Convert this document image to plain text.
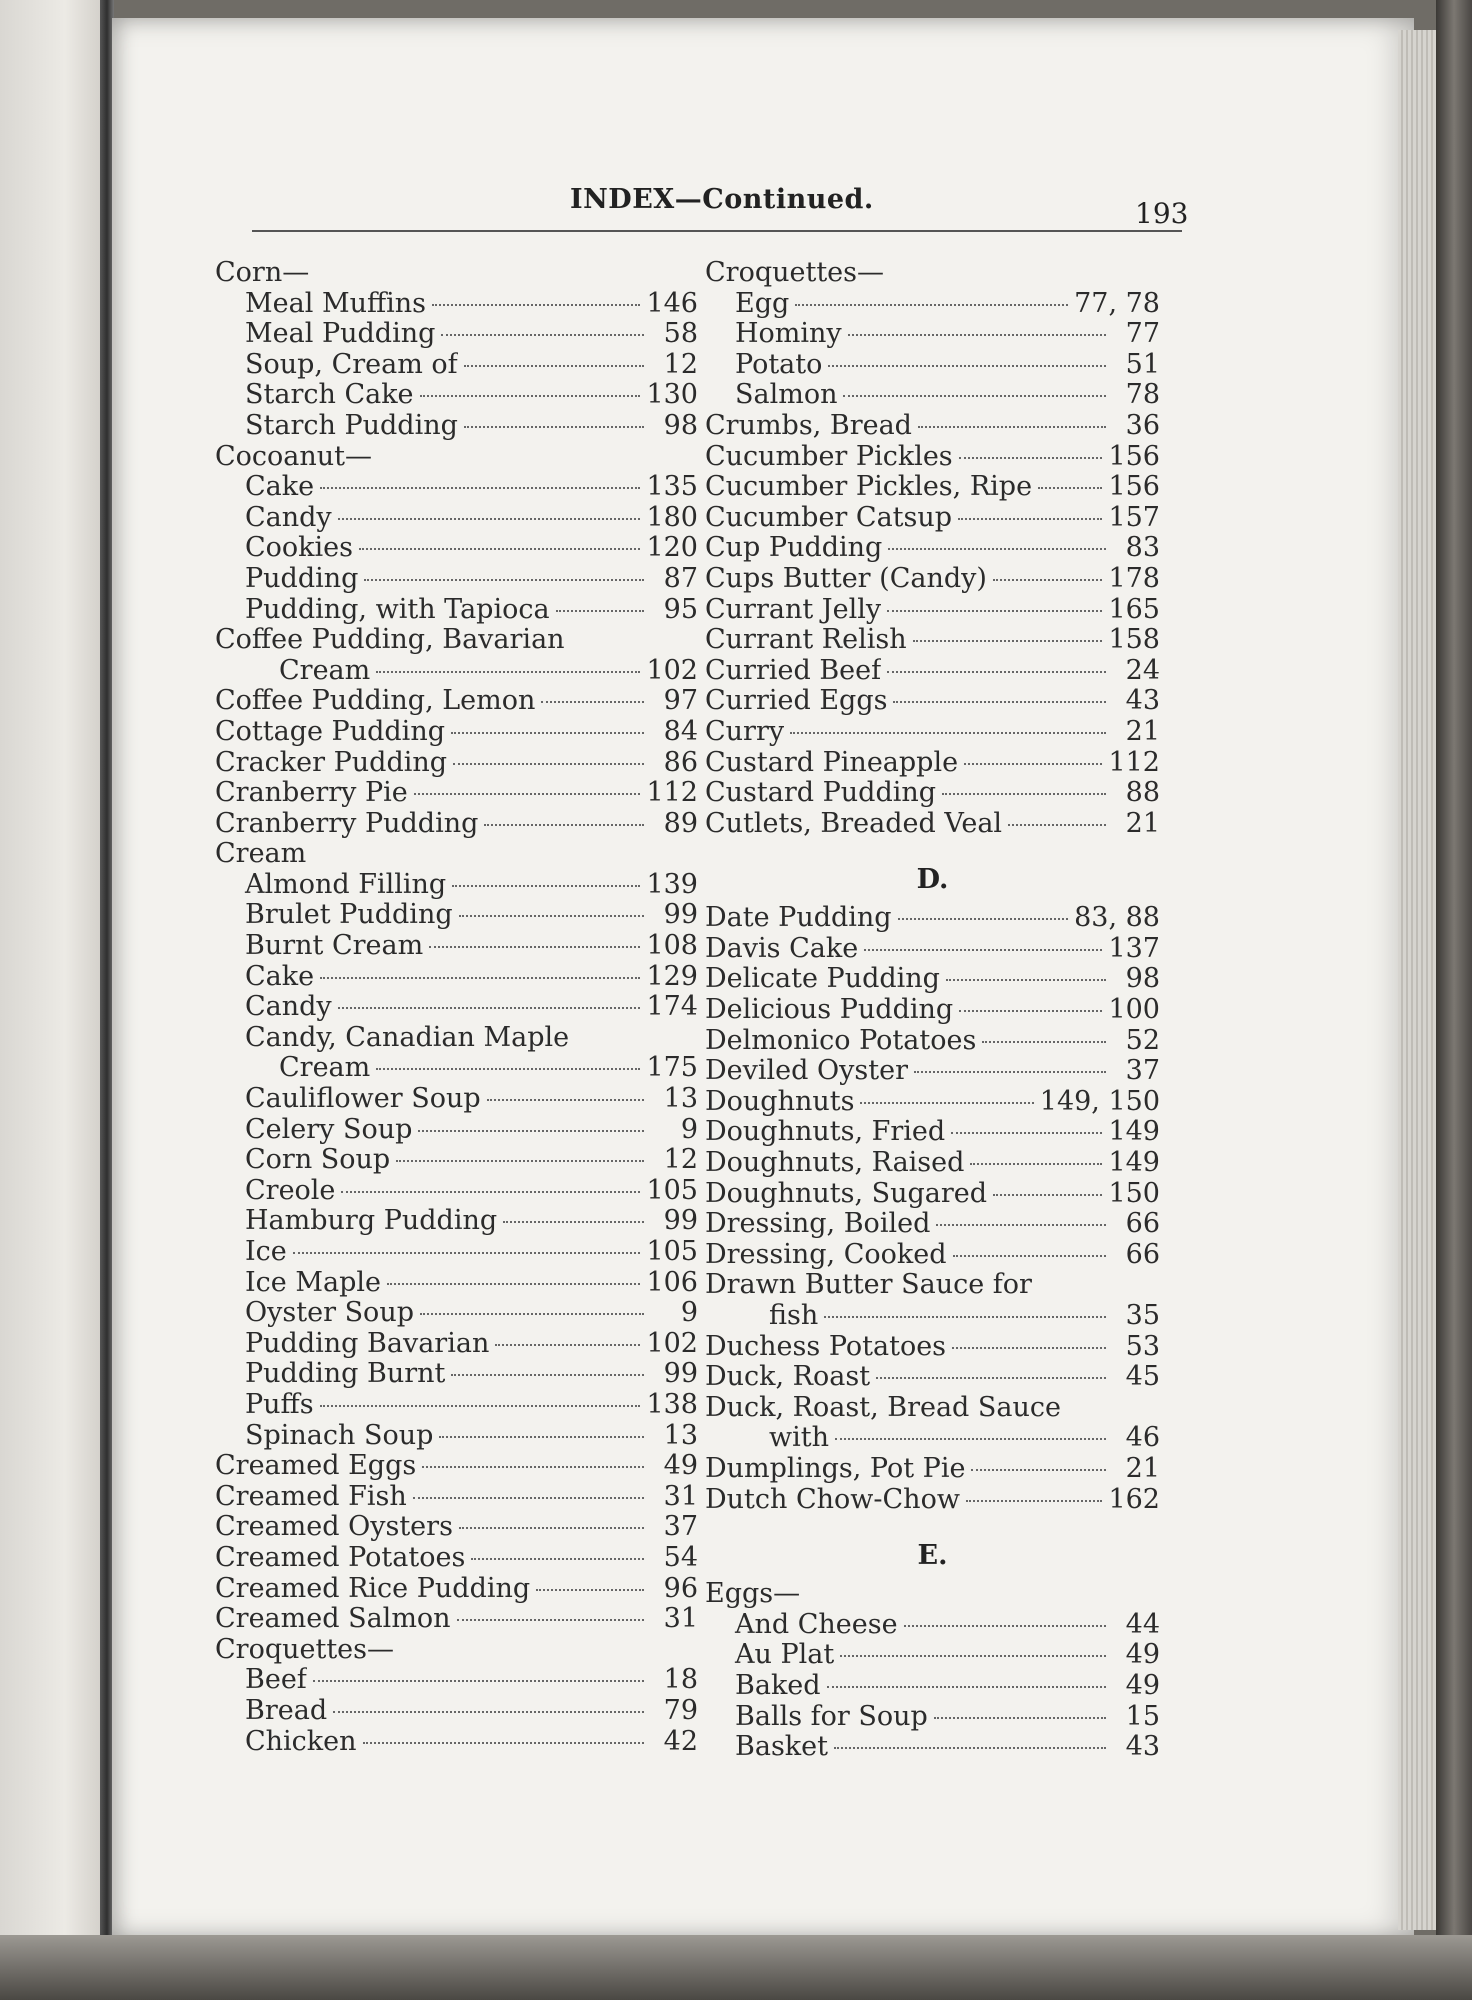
INDEX—Continued.	193
Corn—
Meal Muffins	146
Meal Pudding	58
Soup, Cream of	12
Starch Cake	130
Starch Pudding	98
Cocoanut—
Cake	135
Candy	180
Cookies	120
Pudding	87
Pudding, with Tapioca	95
Coffee Pudding, Bavarian
Cream	102
Coffee Pudding, Lemon	97
Cottage Pudding	84
Cracker Pudding	86
Cranberry Pie	112
Cranberry Pudding	89
Cream
Almond Filling	139
Brulet Pudding	99
Burnt Cream	108
Cake	129
Candy	174
Candy, Canadian Maple
Cream	175
Cauliflower Soup	13
Celery Soup	9
Corn Soup	12
Creole	105
Hamburg Pudding	99
Ice	105
Ice Maple	106
Oyster Soup	9
Pudding Bavarian	102
Pudding Burnt	99
Puffs	138
Spinach Soup	13
Creamed Eggs	49
Creamed Fish	31
Creamed Oysters	37
Creamed Potatoes	54
Creamed Rice Pudding	96
Creamed Salmon	31
Croquettes—
Beef	18
Bread	79
Chicken	42
Croquettes—
Egg	77, 78
Hominy	77
Potato	51
Salmon	78
Crumbs, Bread	36
Cucumber Pickles	156
Cucumber Pickles, Ripe	156
Cucumber Catsup	157
Cup Pudding	83
Cups Butter (Candy)	178
Currant Jelly	165
Currant Relish	158
Curried Beef	24
Curried Eggs	43
Curry	21
Custard Pineapple	112
Custard Pudding	88
Cutlets, Breaded Veal	21
D.
Date Pudding	83, 88
Davis Cake	137
Delicate Pudding	98
Delicious Pudding	100
Delmonico Potatoes	52
Deviled Oyster	37
Doughnuts	149, 150
Doughnuts, Fried	149
Doughnuts, Raised	149
Doughnuts, Sugared	150
Dressing, Boiled	66
Dressing, Cooked	66
Drawn Butter Sauce for
fish	35
Duchess Potatoes	53
Duck, Roast	45
Duck, Roast, Bread Sauce
with	46
Dumplings, Pot Pie	21
Dutch Chow-Chow	162
E.
Eggs—
And Cheese	44
Au Plat	49
Baked	49
Balls for Soup	15
Basket	43
